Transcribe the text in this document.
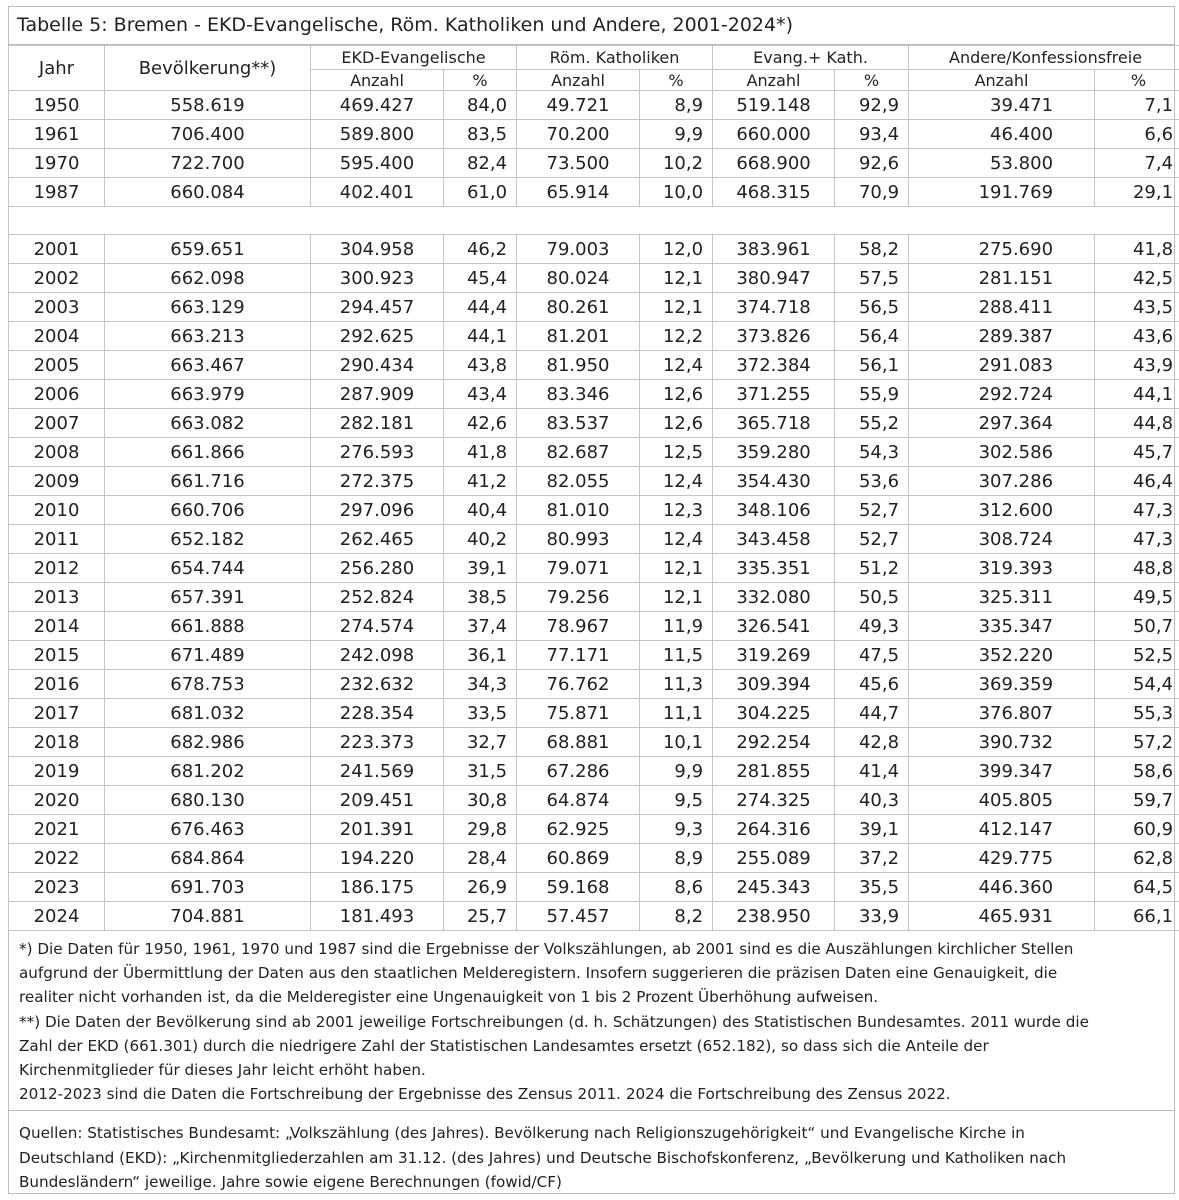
Tabelle 5: Bremen - EKD-Evangelische, Röm. Katholiken und Andere, 2001-2024*)
Jahr	Bevölkerung**)	EKD-Evangelische		Röm. Katholiken		Evang.+ Kath.		Andere/Konfessionsfreie	
		Anzahl	%	Anzahl	%	Anzahl	%	Anzahl	%
1950	558.619	469.427	84,0	49.721	8,9	519.148	92,9	39.471	7,1
1961	706.400	589.800	83,5	70.200	9,9	660.000	93,4	46.400	6,6
1970	722.700	595.400	82,4	73.500	10,2	668.900	92,6	53.800	7,4
1987	660.084	402.401	61,0	65.914	10,0	468.315	70,9	191.769	29,1

2001	659.651	304.958	46,2	79.003	12,0	383.961	58,2	275.690	41,8
2002	662.098	300.923	45,4	80.024	12,1	380.947	57,5	281.151	42,5
2003	663.129	294.457	44,4	80.261	12,1	374.718	56,5	288.411	43,5
2004	663.213	292.625	44,1	81.201	12,2	373.826	56,4	289.387	43,6
2005	663.467	290.434	43,8	81.950	12,4	372.384	56,1	291.083	43,9
2006	663.979	287.909	43,4	83.346	12,6	371.255	55,9	292.724	44,1
2007	663.082	282.181	42,6	83.537	12,6	365.718	55,2	297.364	44,8
2008	661.866	276.593	41,8	82.687	12,5	359.280	54,3	302.586	45,7
2009	661.716	272.375	41,2	82.055	12,4	354.430	53,6	307.286	46,4
2010	660.706	297.096	40,4	81.010	12,3	348.106	52,7	312.600	47,3
2011	652.182	262.465	40,2	80.993	12,4	343.458	52,7	308.724	47,3
2012	654.744	256.280	39,1	79.071	12,1	335.351	51,2	319.393	48,8
2013	657.391	252.824	38,5	79.256	12,1	332.080	50,5	325.311	49,5
2014	661.888	274.574	37,4	78.967	11,9	326.541	49,3	335.347	50,7
2015	671.489	242.098	36,1	77.171	11,5	319.269	47,5	352.220	52,5
2016	678.753	232.632	34,3	76.762	11,3	309.394	45,6	369.359	54,4
2017	681.032	228.354	33,5	75.871	11,1	304.225	44,7	376.807	55,3
2018	682.986	223.373	32,7	68.881	10,1	292.254	42,8	390.732	57,2
2019	681.202	241.569	31,5	67.286	9,9	281.855	41,4	399.347	58,6
2020	680.130	209.451	30,8	64.874	9,5	274.325	40,3	405.805	59,7
2021	676.463	201.391	29,8	62.925	9,3	264.316	39,1	412.147	60,9
2022	684.864	194.220	28,4	60.869	8,9	255.089	37,2	429.775	62,8
2023	691.703	186.175	26,9	59.168	8,6	245.343	35,5	446.360	64,5
2024	704.881	181.493	25,7	57.457	8,2	238.950	33,9	465.931	66,1
*) Die Daten für 1950, 1961, 1970 und 1987 sind die Ergebnisse der Volkszählungen, ab 2001 sind es die Auszählungen kirchlicher Stellen
aufgrund der Übermittlung der Daten aus den staatlichen Melderegistern. Insofern suggerieren die präzisen Daten eine Genauigkeit, die
realiter nicht vorhanden ist, da die Melderegister eine Ungenauigkeit von 1 bis 2 Prozent Überhöhung aufweisen.
**) Die Daten der Bevölkerung sind ab 2001 jeweilige Fortschreibungen (d. h. Schätzungen) des Statistischen Bundesamtes. 2011 wurde die
Zahl der EKD (661.301) durch die niedrigere Zahl der Statistischen Landesamtes ersetzt (652.182), so dass sich die Anteile der
Kirchenmitglieder für dieses Jahr leicht erhöht haben.
2012-2023 sind die Daten die Fortschreibung der Ergebnisse des Zensus 2011. 2024 die Fortschreibung des Zensus 2022.
Quellen: Statistisches Bundesamt: „Volkszählung (des Jahres). Bevölkerung nach Religionszugehörigkeit“ und Evangelische Kirche in
Deutschland (EKD): „Kirchenmitgliederzahlen am 31.12. (des Jahres) und Deutsche Bischofskonferenz, „Bevölkerung und Katholiken nach
Bundesländern“ jeweilige. Jahre sowie eigene Berechnungen (fowid/CF)
